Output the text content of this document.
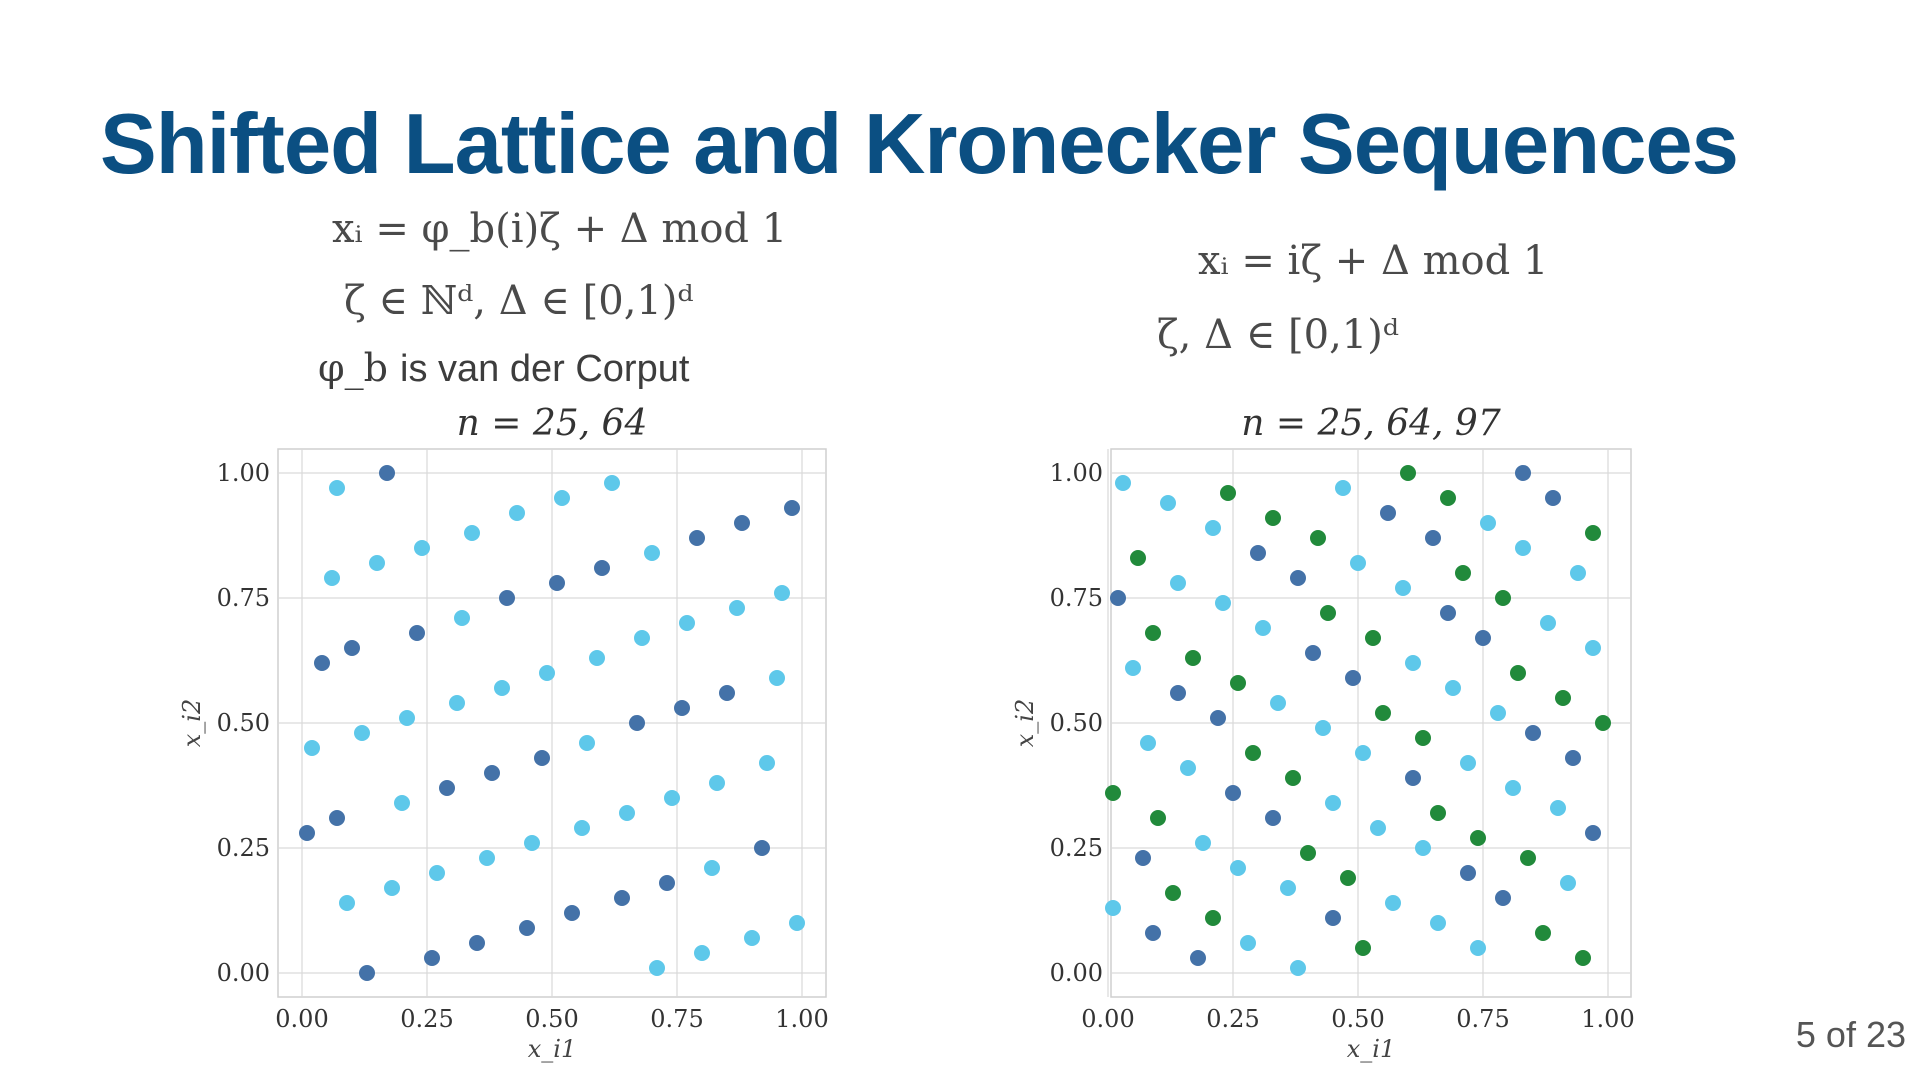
Shifted Lattice and Kronecker Sequences
xᵢ = φ_b(i)ζ + Δ mod 1
ζ ∈ ℕᵈ, Δ ∈ [0,1)ᵈ
φ_b is van der Corput
xᵢ = iζ + Δ mod 1
ζ, Δ ∈ [0,1)ᵈ
0.00
0.00
0.25
0.25
0.50
0.50
0.75
0.75
1.00
1.00
n = 25, 64
x_i1
x_i2
0.00
0.00
0.25
0.25
0.50
0.50
0.75
0.75
1.00
1.00
n = 25, 64, 97
x_i1
x_i2
5 of 23
